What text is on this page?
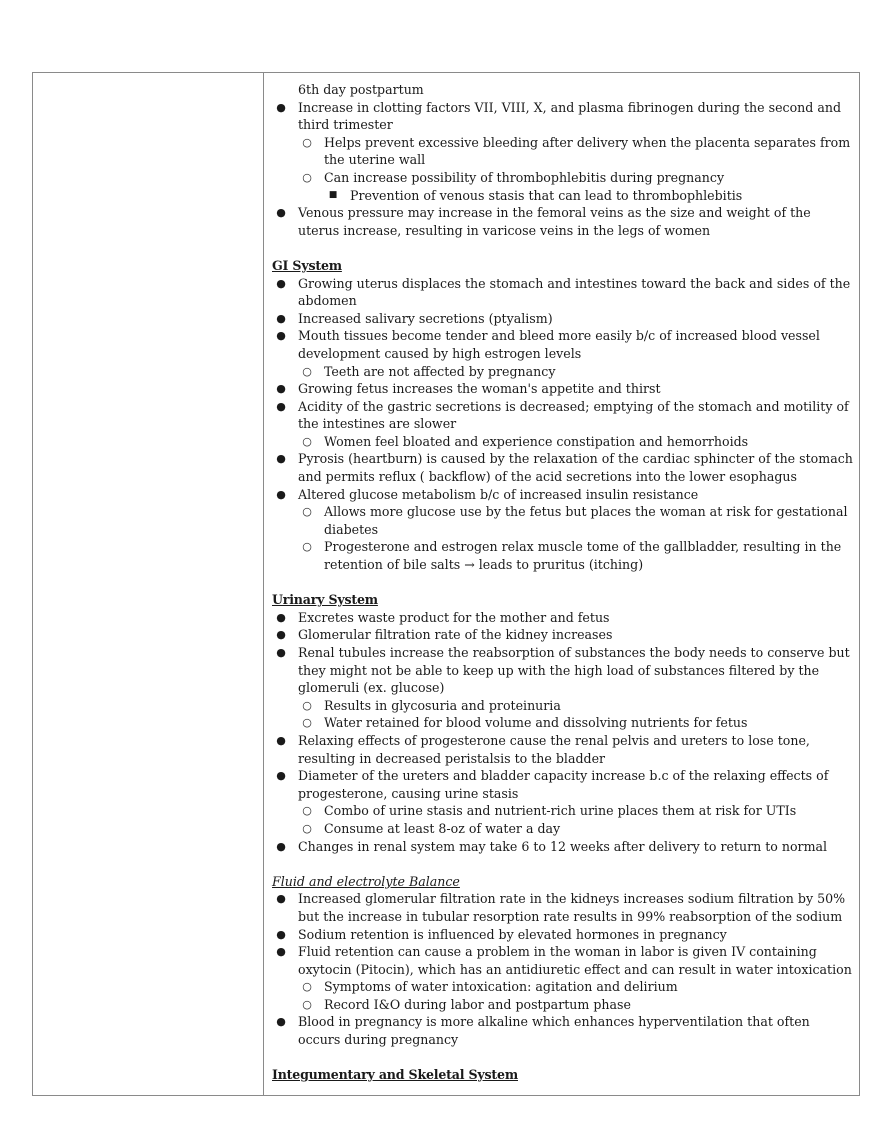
6th day postpartum
● Increase in clotting factors VII, VIII, X, and plasma fibrinogen during the second and third trimester
○ Helps prevent excessive bleeding after delivery when the placenta separates from the uterine wall
○ Can increase possibility of thrombophlebitis during pregnancy
■ Prevention of venous stasis that can lead to thrombophlebitis
● Venous pressure may increase in the femoral veins as the size and weight of the uterus increase, resulting in varicose veins in the legs of women
GI System
● Growing uterus displaces the stomach and intestines toward the back and sides of the abdomen
● Increased salivary secretions (ptyalism)
● Mouth tissues become tender and bleed more easily b/c of increased blood vessel development caused by high estrogen levels
○ Teeth are not affected by pregnancy
● Growing fetus increases the woman's appetite and thirst
● Acidity of the gastric secretions is decreased; emptying of the stomach and motility of the intestines are slower
○ Women feel bloated and experience constipation and hemorrhoids
● Pyrosis (heartburn) is caused by the relaxation of the cardiac sphincter of the stomach and permits reflux ( backflow) of the acid secretions into the lower esophagus
● Altered glucose metabolism b/c of increased insulin resistance
○ Allows more glucose use by the fetus but places the woman at risk for gestational diabetes
○ Progesterone and estrogen relax muscle tome of the gallbladder, resulting in the retention of bile salts → leads to pruritus (itching)
Urinary System
● Excretes waste product for the mother and fetus
● Glomerular filtration rate of the kidney increases
● Renal tubules increase the reabsorption of substances the body needs to conserve but they might not be able to keep up with the high load of substances filtered by the glomeruli (ex. glucose)
○ Results in glycosuria and proteinuria
○ Water retained for blood volume and dissolving nutrients for fetus
● Relaxing effects of progesterone cause the renal pelvis and ureters to lose tone, resulting in decreased peristalsis to the bladder
● Diameter of the ureters and bladder capacity increase b.c of the relaxing effects of progesterone, causing urine stasis
○ Combo of urine stasis and nutrient-rich urine places them at risk for UTIs
○ Consume at least 8-oz of water a day
● Changes in renal system may take 6 to 12 weeks after delivery to return to normal
Fluid and electrolyte Balance
● Increased glomerular filtration rate in the kidneys increases sodium filtration by 50% but the increase in tubular resorption rate results in 99% reabsorption of the sodium
● Sodium retention is influenced by elevated hormones in pregnancy
● Fluid retention can cause a problem in the woman in labor is given IV containing oxytocin (Pitocin), which has an antidiuretic effect and can result in water intoxication
○ Symptoms of water intoxication: agitation and delirium
○ Record I&O during labor and postpartum phase
● Blood in pregnancy is more alkaline which enhances hyperventilation that often occurs during pregnancy
Integumentary and Skeletal System
